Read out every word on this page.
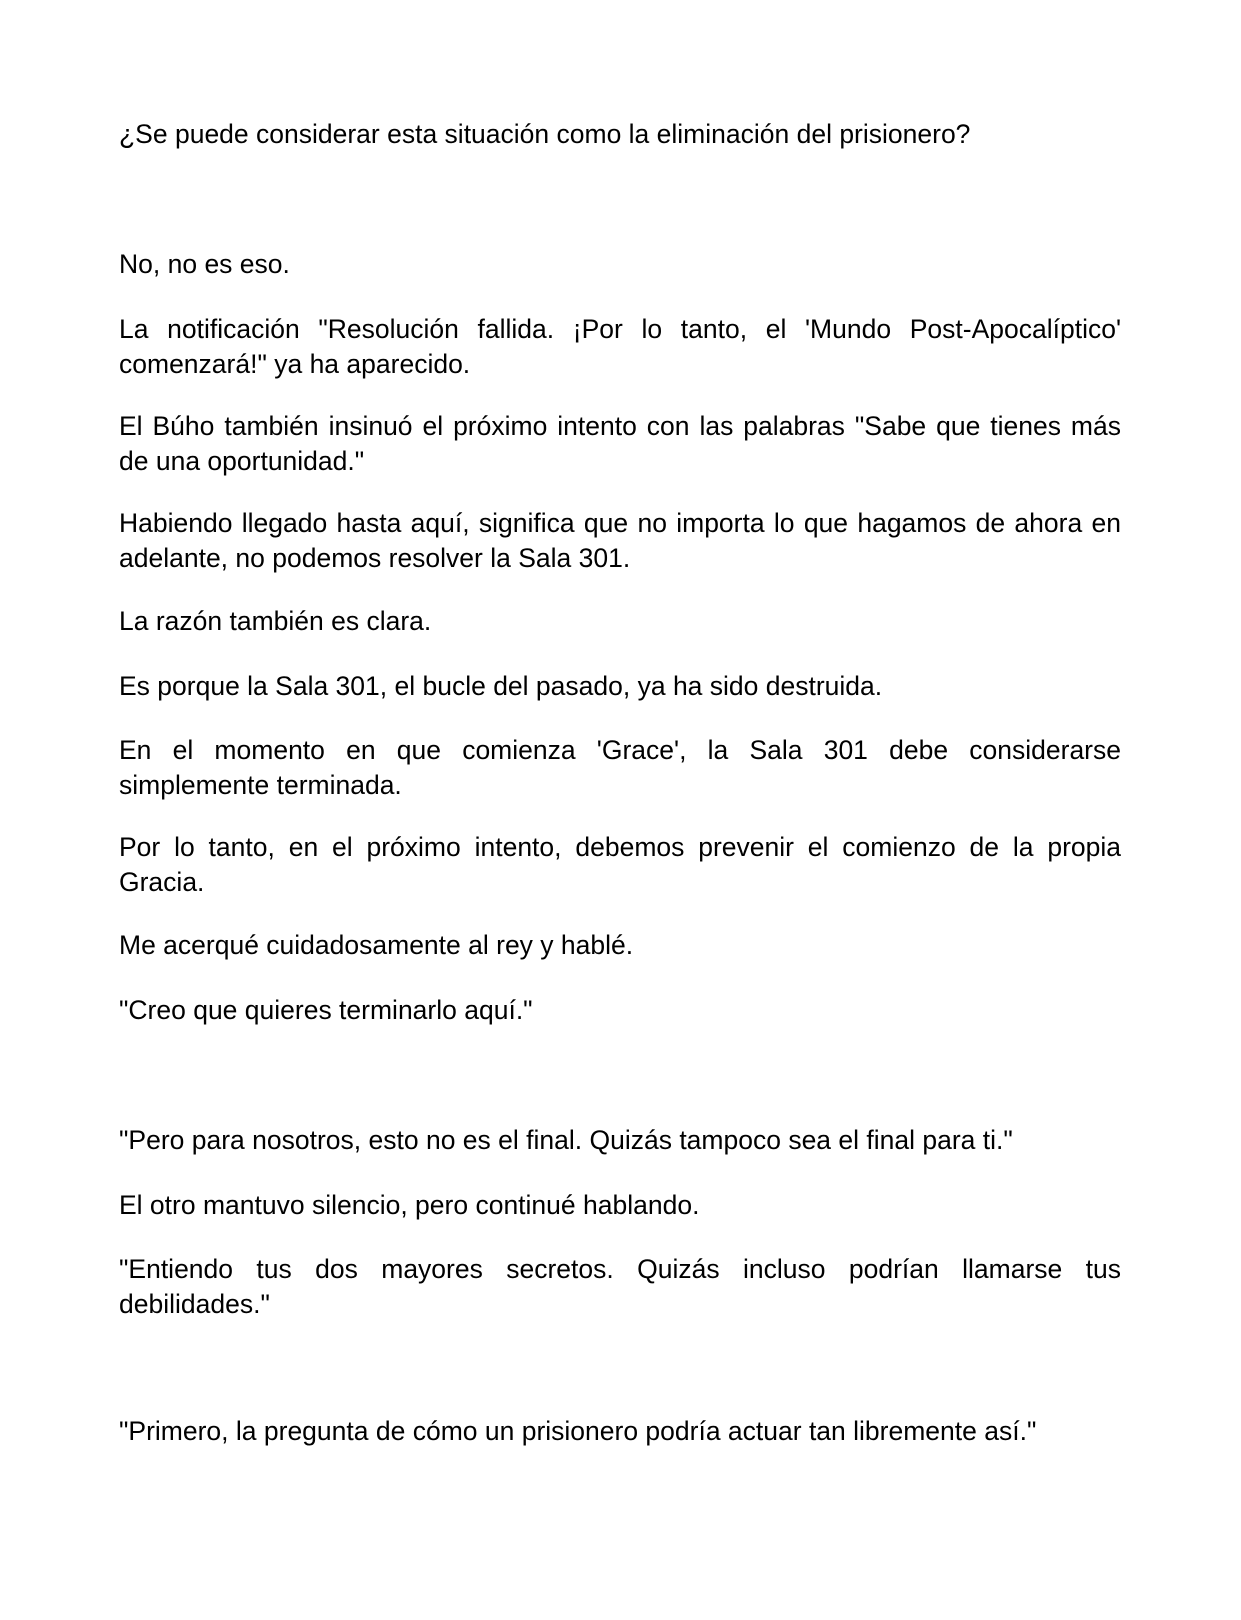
¿Se puede considerar esta situación como la eliminación del prisionero?

No, no es eso.

La notificación "Resolución fallida. ¡Por lo tanto, el 'Mundo Post-Apocalíptico' comenzará!" ya ha aparecido.

El Búho también insinuó el próximo intento con las palabras "Sabe que tienes más de una oportunidad."

Habiendo llegado hasta aquí, significa que no importa lo que hagamos de ahora en adelante, no podemos resolver la Sala 301.

La razón también es clara.

Es porque la Sala 301, el bucle del pasado, ya ha sido destruida.

En el momento en que comienza 'Grace', la Sala 301 debe considerarse simplemente terminada.

Por lo tanto, en el próximo intento, debemos prevenir el comienzo de la propia Gracia.

Me acerqué cuidadosamente al rey y hablé.

"Creo que quieres terminarlo aquí."

"Pero para nosotros, esto no es el final. Quizás tampoco sea el final para ti."

El otro mantuvo silencio, pero continué hablando.

"Entiendo tus dos mayores secretos. Quizás incluso podrían llamarse tus debilidades."

"Primero, la pregunta de cómo un prisionero podría actuar tan libremente así."
